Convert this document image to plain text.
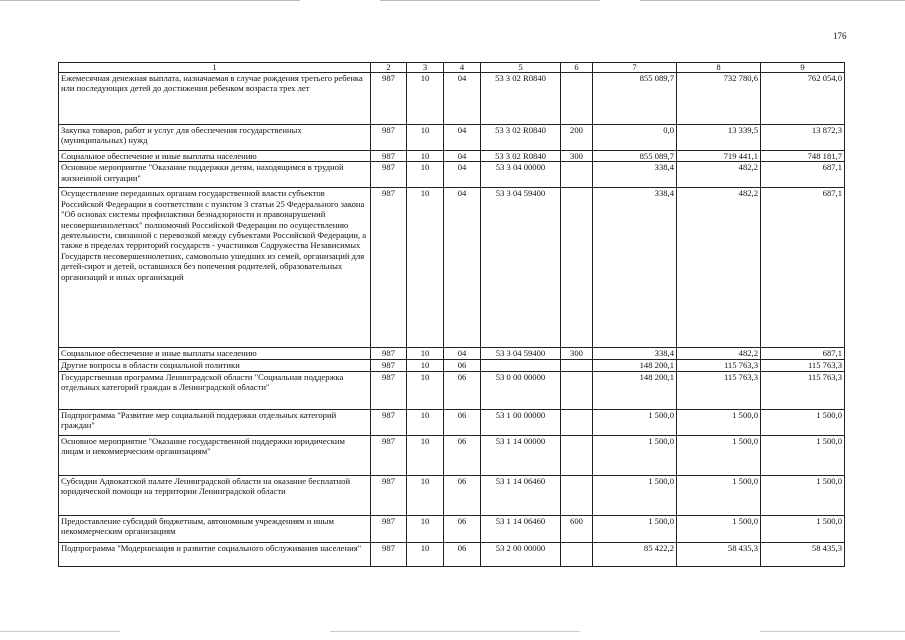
176
1	2	3	4	5	6	7	8	9
Ежемесячная денежная выплата, назначаемая в случае рождения третьего ребенка или последующих детей до достижения ребенком возраста трех лет	987	10	04	53 3 02 R0840		855 089,7	732 780,6	762 054,0
Закупка товаров, работ и услуг для обеспечения государственных (муниципальных) нужд	987	10	04	53 3 02 R0840	200	0,0	13 339,5	13 872,3
Социальное обеспечение и иные выплаты населению	987	10	04	53 3 02 R0840	300	855 089,7	719 441,1	748 181,7
Основное мероприятие "Оказание поддержки детям, находящимся в трудной жизненной ситуации"	987	10	04	53 3 04 00000		338,4	482,2	687,1
Осуществление переданных органам государственной власти субъектов Российской Федерации в соответствии с пунктом 3 статьи 25 Федерального закона "Об основах системы профилактики безнадзорности и правонарушений несовершеннолетних" полномочий Российской Федерации по осуществлению деятельности, связанной с перевозкой между субъектами Российской Федерации, а также в пределах территорий государств - участников Содружества Независимых Государств несовершеннолетних, самовольно ушедших из семей, организаций для детей-сирот и детей, оставшихся без попечения родителей, образовательных организаций и иных организаций	987	10	04	53 3 04 59400		338,4	482,2	687,1
Социальное обеспечение и иные выплаты населению	987	10	04	53 3 04 59400	300	338,4	482,2	687,1
Другие вопросы в области социальной политики	987	10	06			148 200,1	115 763,3	115 763,3
Государственная программа Ленинградской области "Социальная поддержка отдельных категорий граждан в Ленинградской области"	987	10	06	53 0 00 00000		148 200,1	115 763,3	115 763,3
Подпрограмма "Развитие мер социальной поддержки отдельных категорий граждан"	987	10	06	53 1 00 00000		1 500,0	1 500,0	1 500,0
Основное мероприятие "Оказание государственной поддержки юридическим лицам и некоммерческим организациям"	987	10	06	53 1 14 00000		1 500,0	1 500,0	1 500,0
Субсидии Адвокатской палате Ленинградской области на оказание бесплатной юридической помощи на территории Ленинградской области	987	10	06	53 1 14 06460		1 500,0	1 500,0	1 500,0
Предоставление субсидий бюджетным, автономным учреждениям и иным некоммерческим организациям	987	10	06	53 1 14 06460	600	1 500,0	1 500,0	1 500,0
Подпрограмма "Модернизация и развитие социального обслуживания населения"	987	10	06	53 2 00 00000		85 422,2	58 435,3	58 435,3
